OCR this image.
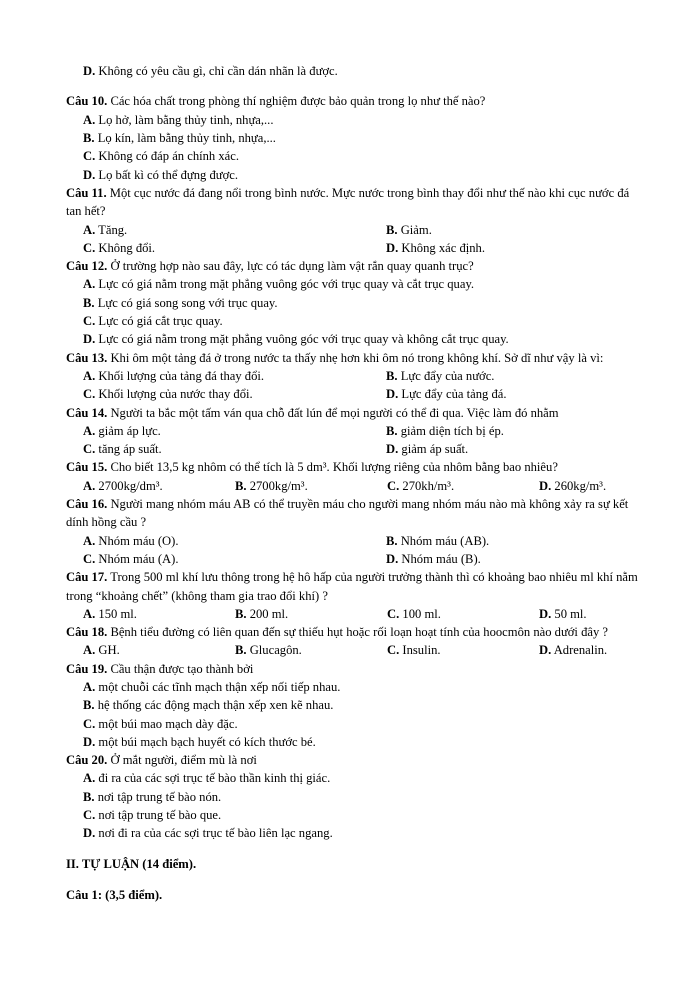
D. Không có yêu cầu gì, chỉ cần dán nhãn là được.

Câu 10. Các hóa chất trong phòng thí nghiệm được bảo quản trong lọ như thế nào?

A. Lọ hở, làm bằng thủy tinh, nhựa,...

B. Lọ kín, làm bằng thủy tinh, nhựa,...

C. Không có đáp án chính xác.

D. Lọ bất kì có thể đựng được.

Câu 11. Một cục nước đá đang nổi trong bình nước. Mực nước trong bình thay đổi như thế nào khi cục nước đá tan hết?

A. Tăng.	B. Giảm.
C. Không đổi.	D. Không xác định.

Câu 12. Ở trường hợp nào sau đây, lực có tác dụng làm vật rắn quay quanh trục?

A. Lực có giá nằm trong mặt phẳng vuông góc với trục quay và cắt trục quay.

B. Lực có giá song song với trục quay.

C. Lực có giá cắt trục quay.

D. Lực có giá nằm trong mặt phẳng vuông góc với trục quay và không cắt trục quay.

Câu 13. Khi ôm một tảng đá ở trong nước ta thấy nhẹ hơn khi ôm nó trong không khí. Sở dĩ như vậy là vì:

A. Khối lượng của tảng đá thay đổi.	B. Lực đẩy của nước.
C. Khối lượng của nước thay đổi.	D. Lực đẩy của tảng đá.

Câu 14. Người ta bắc một tấm ván qua chỗ đất lún để mọi người có thể đi qua. Việc làm đó nhằm

A. giảm áp lực.	B. giảm diện tích bị ép.
C. tăng áp suất.	D. giảm áp suất.

Câu 15. Cho biết 13,5 kg nhôm có thể tích là 5 dm³. Khối lượng riêng của nhôm bằng bao nhiêu?

A. 2700kg/dm³.	B. 2700kg/m³.	C. 270kh/m³.	D. 260kg/m³.

Câu 16. Người mang nhóm máu AB có thể truyền máu cho người mang nhóm máu nào mà không xảy ra sự kết dính hồng cầu ?

A. Nhóm máu (O).	B. Nhóm máu (AB).
C. Nhóm máu (A).	D. Nhóm máu (B).

Câu 17. Trong 500 ml khí lưu thông trong hệ hô hấp của người trưởng thành thì có khoảng bao nhiêu ml khí nằm trong “khoảng chết” (không tham gia trao đổi khí) ?

A. 150 ml.	B. 200 ml.	C. 100 ml.	D. 50 ml.

Câu 18. Bệnh tiểu đường có liên quan đến sự thiếu hụt hoặc rối loạn hoạt tính của hoocmôn nào dưới đây ?

A. GH.	B. Glucagôn.	C. Insulin.	D. Adrenalin.

Câu 19. Cầu thận được tạo thành bởi

A. một chuỗi các tĩnh mạch thận xếp nối tiếp nhau.

B. hệ thống các động mạch thận xếp xen kẽ nhau.

C. một búi mao mạch dày đặc.

D. một búi mạch bạch huyết có kích thước bé.

Câu 20. Ở mắt người, điểm mù là nơi

A. đi ra của các sợi trục tế bào thần kinh thị giác.

B. nơi tập trung tế bào nón.

C. nơi tập trung tế bào que.

D. nơi đi ra của các sợi trục tế bào liên lạc ngang.

II. TỰ LUẬN (14 điểm).

Câu 1: (3,5 điểm).
